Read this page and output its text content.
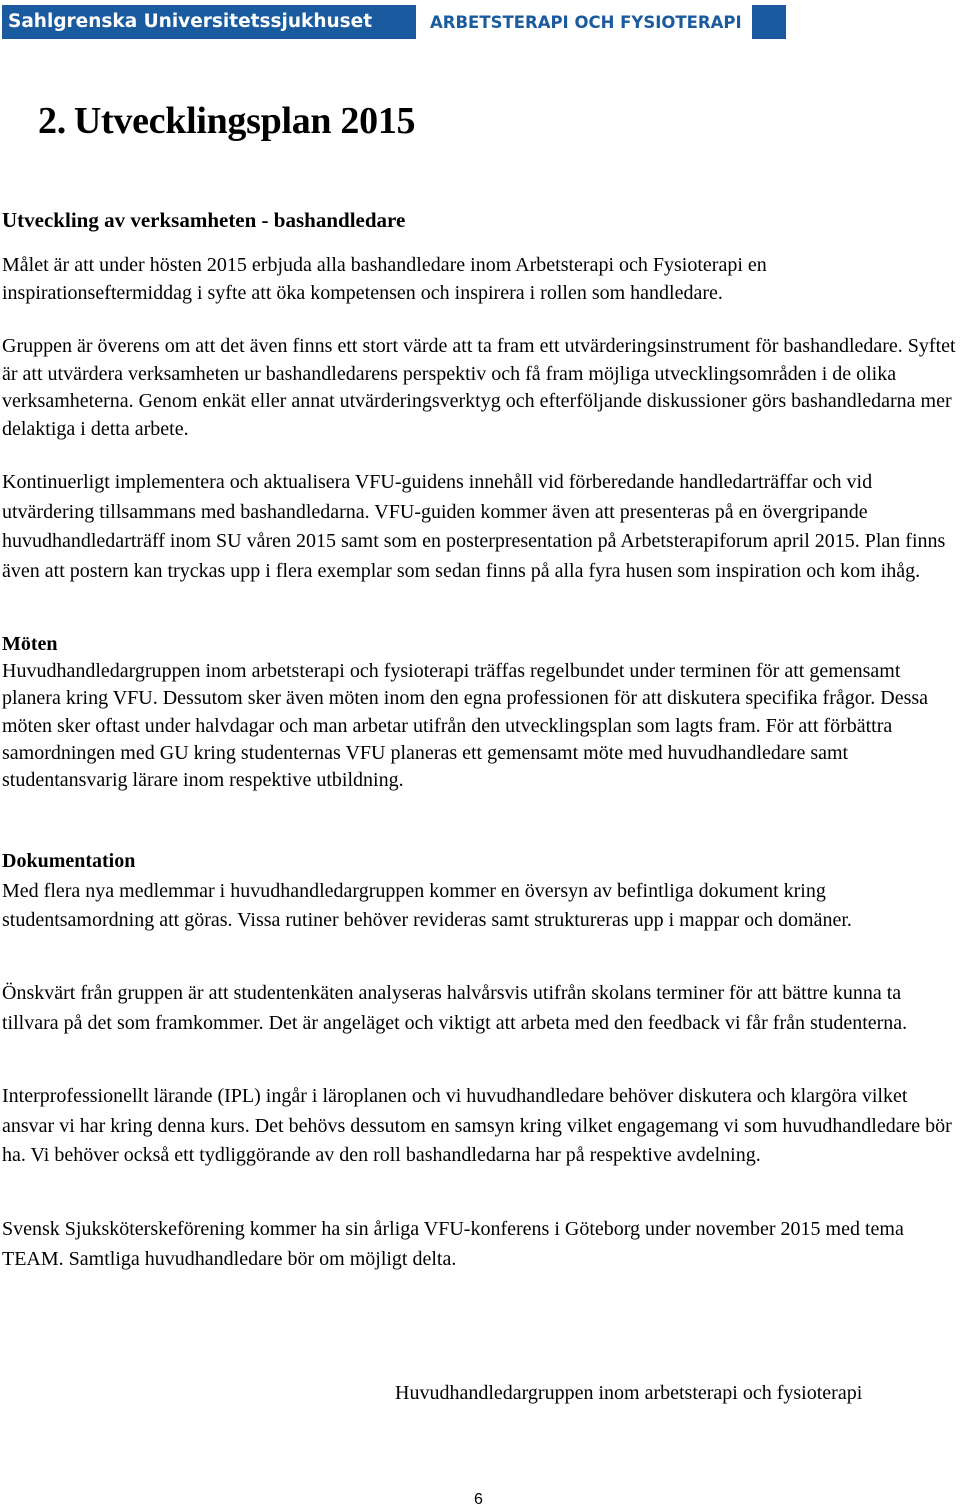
Sahlgrenska Universitetssjukhuset	ARBETSTERAPI OCH FYSIOTERAPI
2. Utvecklingsplan 2015
Utveckling av verksamheten - bashandledare

Målet är att under hösten 2015 erbjuda alla bashandledare inom Arbetsterapi och Fysioterapi en inspirationseftermiddag i syfte att öka kompetensen och inspirera i rollen som handledare.

Gruppen är överens om att det även finns ett stort värde att ta fram ett utvärderingsinstrument för bashandledare. Syftet är att utvärdera verksamheten ur bashandledarens perspektiv och få fram möjliga utvecklingsområden i de olika verksamheterna. Genom enkät eller annat utvärderingsverktyg och efterföljande diskussioner görs bashandledarna mer delaktiga i detta arbete.

Kontinuerligt implementera och aktualisera VFU-guidens innehåll vid förberedande handledarträffar och vid utvärdering tillsammans med bashandledarna. VFU-guiden kommer även att presenteras på en övergripande huvudhandledarträff inom SU våren 2015 samt som en posterpresentation på Arbetsterapiforum april 2015. Plan finns även att postern kan tryckas upp i flera exemplar som sedan finns på alla fyra husen som inspiration och kom ihåg.

Möten
Huvudhandledargruppen inom arbetsterapi och fysioterapi träffas regelbundet under terminen för att gemensamt planera kring VFU. Dessutom sker även möten inom den egna professionen för att diskutera specifika frågor. Dessa möten sker oftast under halvdagar och man arbetar utifrån den utvecklingsplan som lagts fram. För att förbättra samordningen med GU kring studenternas VFU planeras ett gemensamt möte med huvudhandledare samt studentansvarig lärare inom respektive utbildning.
Dokumentation
Med flera nya medlemmar i huvudhandledargruppen kommer en översyn av befintliga dokument kring studentsamordning att göras. Vissa rutiner behöver revideras samt struktureras upp i mappar och domäner.

Önskvärt från gruppen är att studentenkäten analyseras halvårsvis utifrån skolans terminer för att bättre kunna ta tillvara på det som framkommer. Det är angeläget och viktigt att arbeta med den feedback vi får från studenterna.

Interprofessionellt lärande (IPL) ingår i läroplanen och vi huvudhandledare behöver diskutera och klargöra vilket ansvar vi har kring denna kurs. Det behövs dessutom en samsyn kring vilket engagemang vi som huvudhandledare bör ha. Vi behöver också ett tydliggörande av den roll bashandledarna har på respektive avdelning.

Svensk Sjuksköterskeförening kommer ha sin årliga VFU-konferens i Göteborg under november 2015 med tema TEAM. Samtliga huvudhandledare bör om möjligt delta.

Huvudhandledargruppen inom arbetsterapi och fysioterapi

6
